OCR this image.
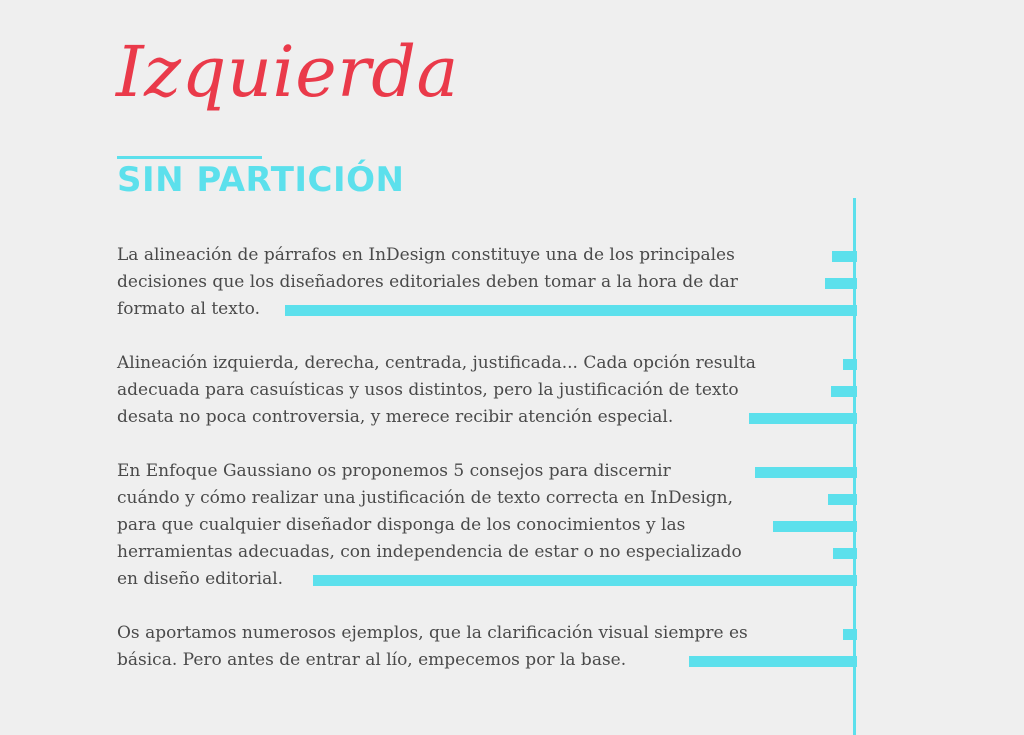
Izquierda
SIN PARTICIÓN
La alineación de párrafos en InDesign constituye una de los principales
decisiones que los diseñadores editoriales deben tomar a la hora de dar
formato al texto.
Alineación izquierda, derecha, centrada, justificada... Cada opción resulta
adecuada para casuísticas y usos distintos, pero la justificación de texto
desata no poca controversia, y merece recibir atención especial.
En Enfoque Gaussiano os proponemos 5 consejos para discernir
cuándo y cómo realizar una justificación de texto correcta en InDesign,
para que cualquier diseñador disponga de los conocimientos y las
herramientas adecuadas, con independencia de estar o no especializado
en diseño editorial.
Os aportamos numerosos ejemplos, que la clarificación visual siempre es
básica. Pero antes de entrar al lío, empecemos por la base.
